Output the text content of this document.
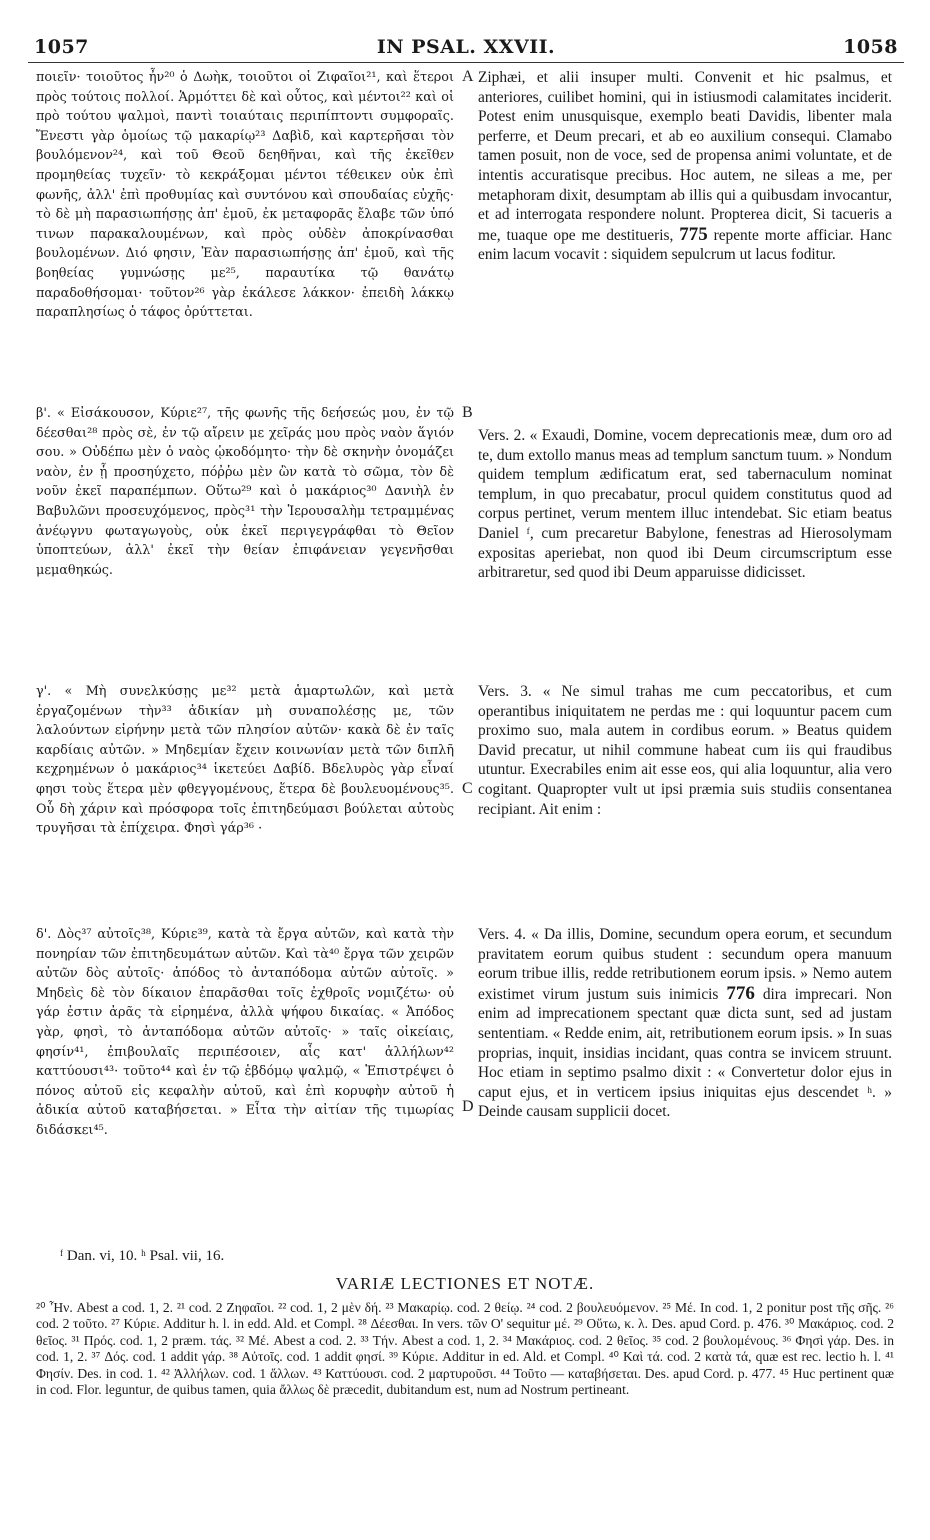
1057	IN PSAL. XXVII.	1058

ποιεῖν· τοιοῦτος ἦν²⁰ ὁ Δωὴκ, τοιοῦτοι οἱ Ζιφαῖοι²¹, καὶ ἕτεροι πρὸς τούτοις πολλοί. Ἁρμόττει δὲ καὶ οὗτος, καὶ μέντοι²² καὶ οἱ πρὸ τούτου ψαλμοὶ, παντὶ τοιαύταις περιπίπτοντι συμφοραῖς. Ἔνεστι γὰρ ὁμοίως τῷ μακαρίῳ²³ Δαβὶδ, καὶ καρτερῆσαι τὸν βουλόμενον²⁴, καὶ τοῦ Θεοῦ δεηθῆναι, καὶ τῆς ἐκεῖθεν προμηθείας τυχεῖν· τὸ κεκράξομαι μέντοι τέθεικεν οὐκ ἐπὶ φωνῆς, ἀλλ' ἐπὶ προθυμίας καὶ συντόνου καὶ σπουδαίας εὐχῆς· τὸ δὲ μὴ παρασιωπήσῃς ἀπ' ἐμοῦ, ἐκ μεταφορᾶς ἔλαβε τῶν ὑπό τινων παρακαλουμένων, καὶ πρὸς οὐδὲν ἀποκρίνασθαι βουλομένων. Διό φησιν, Ἐὰν παρασιωπήσῃς ἀπ' ἐμοῦ, καὶ τῆς βοηθείας γυμνώσῃς με²⁵, παραυτίκα τῷ θανάτῳ παραδοθήσομαι· τοῦτον²⁶ γὰρ ἐκάλεσε λάκκον· ἐπειδὴ λάκκῳ παραπλησίως ὁ τάφος ὀρύττεται.

β'. « Εἰσάκουσον, Κύριε²⁷, τῆς φωνῆς τῆς δεήσεώς μου, ἐν τῷ δέεσθαι²⁸ πρὸς σὲ, ἐν τῷ αἴρειν με χεῖράς μου πρὸς ναὸν ἅγιόν σου. » Οὐδέπω μὲν ὁ ναὸς ᾠκοδόμητο· τὴν δὲ σκηνὴν ὀνομάζει ναὸν, ἐν ᾗ προσηύχετο, πόῤῥω μὲν ὢν κατὰ τὸ σῶμα, τὸν δὲ νοῦν ἐκεῖ παραπέμπων. Οὕτω²⁹ καὶ ὁ μακάριος³⁰ Δανιὴλ ἐν Βαβυλῶνι προσευχόμενος, πρὸς³¹ τὴν Ἱερουσαλὴμ τετραμμένας ἀνέῳγνυ φωταγωγοὺς, οὐκ ἐκεῖ περιγεγράφθαι τὸ Θεῖον ὑποπτεύων, ἀλλ' ἐκεῖ τὴν θείαν ἐπιφάνειαν γεγενῆσθαι μεμαθηκώς.

γ'. « Μὴ συνελκύσῃς με³² μετὰ ἁμαρτωλῶν, καὶ μετὰ ἐργαζομένων τὴν³³ ἀδικίαν μὴ συναπολέσῃς με, τῶν λαλούντων εἰρήνην μετὰ τῶν πλησίον αὐτῶν· κακὰ δὲ ἐν ταῖς καρδίαις αὐτῶν. » Μηδεμίαν ἔχειν κοινωνίαν μετὰ τῶν διπλῆ κεχρημένων ὁ μακάριος³⁴ ἱκετεύει Δαβίδ. Βδελυρὸς γὰρ εἶναί φησι τοὺς ἕτερα μὲν φθεγγομένους, ἕτερα δὲ βουλευομένους³⁵. Οὗ δὴ χάριν καὶ πρόσφορα τοῖς ἐπιτηδεύμασι βούλεται αὐτοὺς τρυγῆσαι τὰ ἐπίχειρα. Φησὶ γάρ³⁶ ·

δ'. Δὸς³⁷ αὐτοῖς³⁸, Κύριε³⁹, κατὰ τὰ ἔργα αὐτῶν, καὶ κατὰ τὴν πονηρίαν τῶν ἐπιτηδευμάτων αὐτῶν. Καὶ τὰ⁴⁰ ἔργα τῶν χειρῶν αὐτῶν δὸς αὐτοῖς· ἀπόδος τὸ ἀνταπόδομα αὐτῶν αὐτοῖς. » Μηδεὶς δὲ τὸν δίκαιον ἐπαρᾶσθαι τοῖς ἐχθροῖς νομιζέτω· οὐ γάρ ἐστιν ἀρᾶς τὰ εἰρημένα, ἀλλὰ ψήφου δικαίας. « Ἀπόδος γὰρ, φησὶ, τὸ ἀνταπόδομα αὐτῶν αὐτοῖς· » ταῖς οἰκείαις, φησίν⁴¹, ἐπιβουλαῖς περιπέσοιεν, αἷς κατ' ἀλλήλων⁴² καττύουσι⁴³· τοῦτο⁴⁴ καὶ ἐν τῷ ἑβδόμῳ ψαλμῷ, « Ἐπιστρέψει ὁ πόνος αὐτοῦ εἰς κεφαλὴν αὐτοῦ, καὶ ἐπὶ κορυφὴν αὐτοῦ ἡ ἀδικία αὐτοῦ καταβήσεται. » Εἶτα τὴν αἰτίαν τῆς τιμωρίας διδάσκει⁴⁵.

A
B
C
D

Ziphæi, et alii insuper multi. Convenit et hic psalmus, et anteriores, cuilibet homini, qui in istiusmodi calamitates inciderit. Potest enim unusquisque, exemplo beati Davidis, libenter mala perferre, et Deum precari, et ab eo auxilium consequi. Clamabo tamen posuit, non de voce, sed de propensa animi voluntate, et de intentis accuratisque precibus. Hoc autem, ne sileas a me, per metaphoram dixit, desumptam ab illis qui a quibusdam invocantur, et ad interrogata respondere nolunt. Propterea dicit, Si tacueris a me, tuaque ope me destitueris, 775 repente morte afficiar. Hanc enim lacum vocavit : siquidem sepulcrum ut lacus foditur.

Vers. 2. « Exaudi, Domine, vocem deprecationis meæ, dum oro ad te, dum extollo manus meas ad templum sanctum tuum. » Nondum quidem templum ædificatum erat, sed tabernaculum nominat templum, in quo precabatur, procul quidem constitutus quod ad corpus pertinet, verum mentem illuc intendebat. Sic etiam beatus Daniel ᶠ, cum precaretur Babylone, fenestras ad Hierosolymam expositas aperiebat, non quod ibi Deum circumscriptum esse arbitraretur, sed quod ibi Deum apparuisse didicisset.

Vers. 3. « Ne simul trahas me cum peccatoribus, et cum operantibus iniquitatem ne perdas me : qui loquuntur pacem cum proximo suo, mala autem in cordibus eorum. » Beatus quidem David precatur, ut nihil commune habeat cum iis qui fraudibus utuntur. Execrabiles enim ait esse eos, qui alia loquuntur, alia vero cogitant. Quapropter vult ut ipsi præmia suis studiis consentanea recipiant. Ait enim :

Vers. 4. « Da illis, Domine, secundum opera eorum, et secundum pravitatem eorum quibus student : secundum opera manuum eorum tribue illis, redde retributionem eorum ipsis. » Nemo autem existimet virum justum suis inimicis 776 dira imprecari. Non enim ad imprecationem spectant quæ dicta sunt, sed ad justam sententiam. « Redde enim, ait, retributionem eorum ipsis. » In suas proprias, inquit, insidias incidant, quas contra se invicem struunt. Hoc etiam in septimo psalmo dixit : « Convertetur dolor ejus in caput ejus, et in verticem ipsius iniquitas ejus descendet ʰ. » Deinde causam supplicii docet.

ᶠ Dan. vi, 10. ʰ Psal. vii, 16.
VARIÆ LECTIONES ET NOTÆ.
²⁰ Ἦν. Abest a cod. 1, 2. ²¹ cod. 2 Ζηφαῖοι. ²² cod. 1, 2 μὲν δή. ²³ Μακαρίῳ. cod. 2 θείῳ. ²⁴ cod. 2 βουλευόμενον. ²⁵ Μέ. In cod. 1, 2 ponitur post τῆς σῆς. ²⁶ cod. 2 τοῦτο. ²⁷ Κύριε. Additur h. l. in edd. Ald. et Compl. ²⁸ Δέεσθαι. In vers. τῶν Ο' sequitur μέ. ²⁹ Οὕτω, κ. λ. Des. apud Cord. p. 476. ³⁰ Μακάριος. cod. 2 θεῖος. ³¹ Πρός. cod. 1, 2 præm. τάς. ³² Μέ. Abest a cod. 2. ³³ Τήν. Abest a cod. 1, 2. ³⁴ Μακάριος. cod. 2 θεῖος. ³⁵ cod. 2 βουλομένους. ³⁶ Φησὶ γάρ. Des. in cod. 1, 2. ³⁷ Δός. cod. 1 addit γάρ. ³⁸ Αὐτοῖς. cod. 1 addit φησί. ³⁹ Κύριε. Additur in ed. Ald. et Compl. ⁴⁰ Καὶ τά. cod. 2 κατὰ τά, quæ est rec. lectio h. l. ⁴¹ Φησίν. Des. in cod. 1. ⁴² Ἀλλήλων. cod. 1 ἄλλων. ⁴³ Καττύουσι. cod. 2 μαρτυροῦσι. ⁴⁴ Τοῦτο — καταβήσεται. Des. apud Cord. p. 477. ⁴⁵ Huc pertinent quæ in cod. Flor. leguntur, de quibus tamen, quia ἄλλως δὲ præcedit, dubitandum est, num ad Nostrum pertineant.
